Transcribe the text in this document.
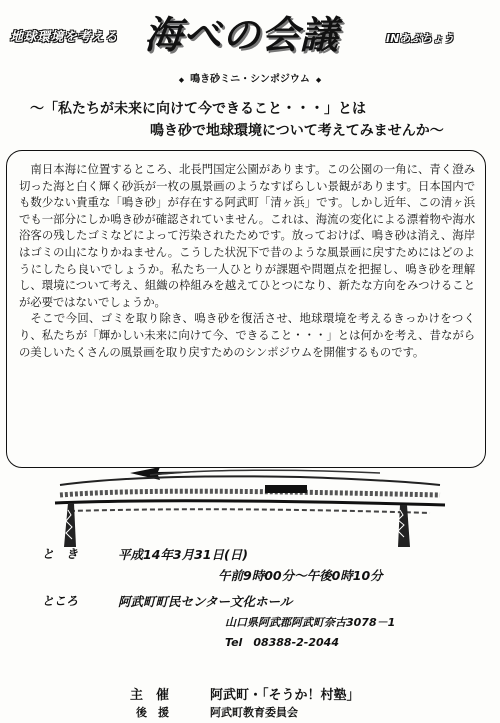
地球環境を考える 海べの会議	INあぶちょう
◆ 鳴き砂ミニ・シンポジウム ◆
～「私たちが未来に向けて今できること・・・」とは
鳴き砂で地球環境について考えてみませんか～

南日本海に位置するところ、北長門国定公園があります。この公園の一角に、青く澄み切った海と白く輝く砂浜が一枚の風景画のようなすばらしい景観があります。日本国内でも数少ない貴重な「鳴き砂」が存在する阿武町「清ヶ浜」です。しかし近年、この清ヶ浜でも一部分にしか鳴き砂が確認されていません。これは、海流の変化による漂着物や海水浴客の残したゴミなどによって汚染されたためです。放っておけば、鳴き砂は消え、海岸はゴミの山になりかねません。こうした状況下で昔のような風景画に戻すためにはどのようにしたら良いでしょうか。私たち一人ひとりが課題や問題点を把握し、鳴き砂を理解し、環境について考え、組織の枠組みを越えてひとつになり、新たな方向をみつけることが必要ではないでしょうか。

そこで今回、ゴミを取り除き、鳴き砂を復活させ、地球環境を考えるきっかけをつくり、私たちが「輝かしい未来に向けて今、できること・・・」とは何かを考え、昔ながらの美しいたくさんの風景画を取り戻すためのシンポジウムを開催するものです。

と　き	平成14年3月31日(日)
午前9時00分～午後0時10分
ところ	阿武町町民センター文化ホール
山口県阿武郡阿武町奈古3078－1
Tel　08388-2-2044
主　催	阿武町・「そうか！村塾」
後　援	阿武町教育委員会
